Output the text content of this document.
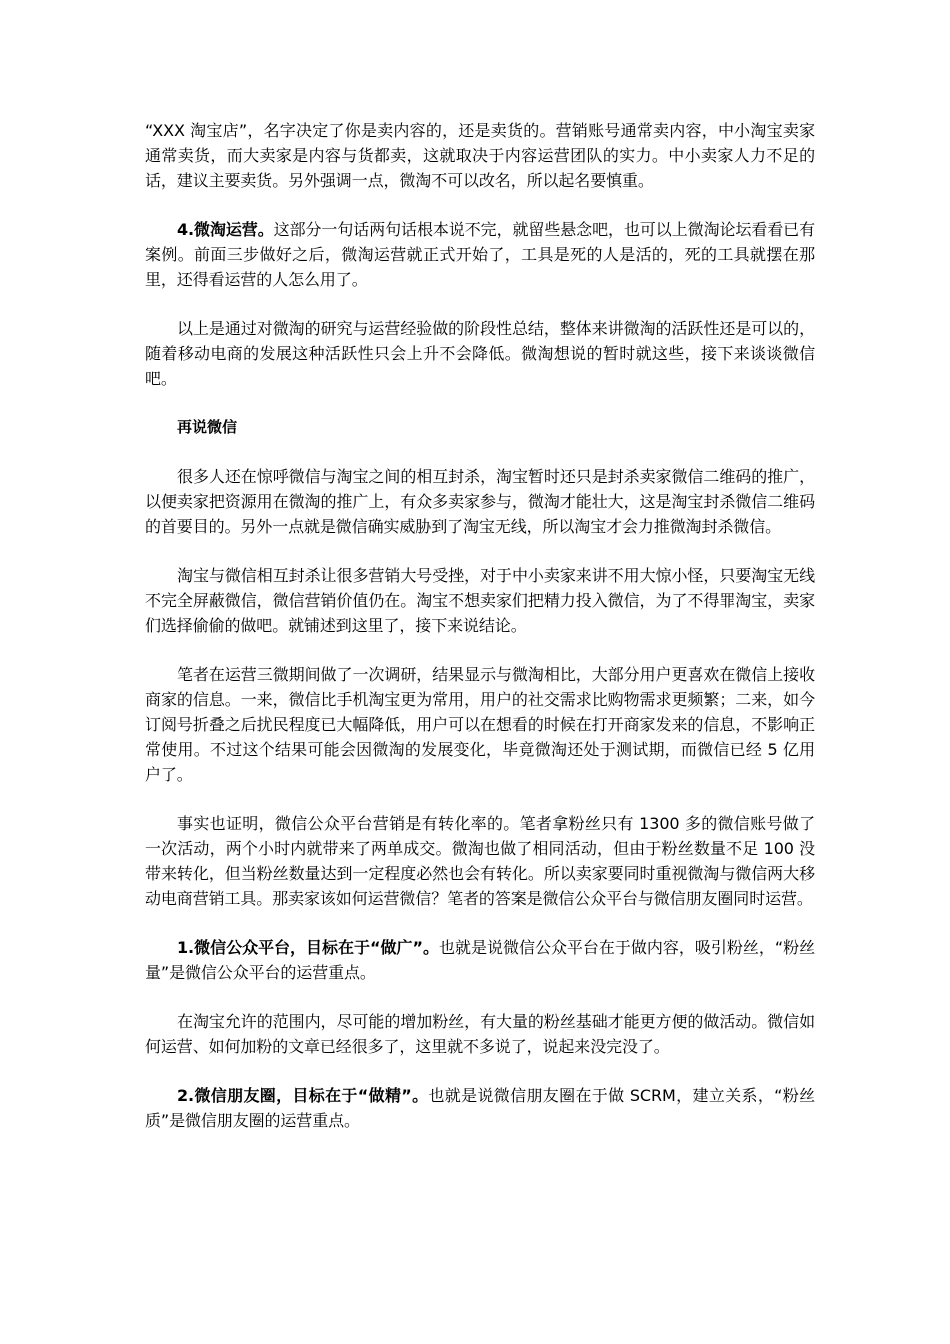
“XXX 淘宝店”，名字决定了你是卖内容的，还是卖货的。营销账号通常卖内容，中小淘宝卖家通常卖货，而大卖家是内容与货都卖，这就取决于内容运营团队的实力。中小卖家人力不足的话，建议主要卖货。另外强调一点，微淘不可以改名，所以起名要慎重。

4.微淘运营。这部分一句话两句话根本说不完，就留些悬念吧，也可以上微淘论坛看看已有案例。前面三步做好之后，微淘运营就正式开始了，工具是死的人是活的，死的工具就摆在那里，还得看运营的人怎么用了。

以上是通过对微淘的研究与运营经验做的阶段性总结，整体来讲微淘的活跃性还是可以的，随着移动电商的发展这种活跃性只会上升不会降低。微淘想说的暂时就这些，接下来谈谈微信吧。

再说微信

很多人还在惊呼微信与淘宝之间的相互封杀，淘宝暂时还只是封杀卖家微信二维码的推广，以便卖家把资源用在微淘的推广上，有众多卖家参与，微淘才能壮大，这是淘宝封杀微信二维码的首要目的。另外一点就是微信确实威胁到了淘宝无线，所以淘宝才会力推微淘封杀微信。

淘宝与微信相互封杀让很多营销大号受挫，对于中小卖家来讲不用大惊小怪，只要淘宝无线不完全屏蔽微信，微信营销价值仍在。淘宝不想卖家们把精力投入微信，为了不得罪淘宝，卖家们选择偷偷的做吧。就铺述到这里了，接下来说结论。

笔者在运营三微期间做了一次调研，结果显示与微淘相比，大部分用户更喜欢在微信上接收商家的信息。一来，微信比手机淘宝更为常用，用户的社交需求比购物需求更频繁；二来，如今订阅号折叠之后扰民程度已大幅降低，用户可以在想看的时候在打开商家发来的信息，不影响正常使用。不过这个结果可能会因微淘的发展变化，毕竟微淘还处于测试期，而微信已经 5 亿用户了。

事实也证明，微信公众平台营销是有转化率的。笔者拿粉丝只有 1300 多的微信账号做了一次活动，两个小时内就带来了两单成交。微淘也做了相同活动，但由于粉丝数量不足 100 没带来转化，但当粉丝数量达到一定程度必然也会有转化。所以卖家要同时重视微淘与微信两大移动电商营销工具。那卖家该如何运营微信？笔者的答案是微信公众平台与微信朋友圈同时运营。

1.微信公众平台，目标在于“做广”。也就是说微信公众平台在于做内容，吸引粉丝，“粉丝量”是微信公众平台的运营重点。

在淘宝允许的范围内，尽可能的增加粉丝，有大量的粉丝基础才能更方便的做活动。微信如何运营、如何加粉的文章已经很多了，这里就不多说了，说起来没完没了。

2.微信朋友圈，目标在于“做精”。也就是说微信朋友圈在于做 SCRM，建立关系，“粉丝质”是微信朋友圈的运营重点。
